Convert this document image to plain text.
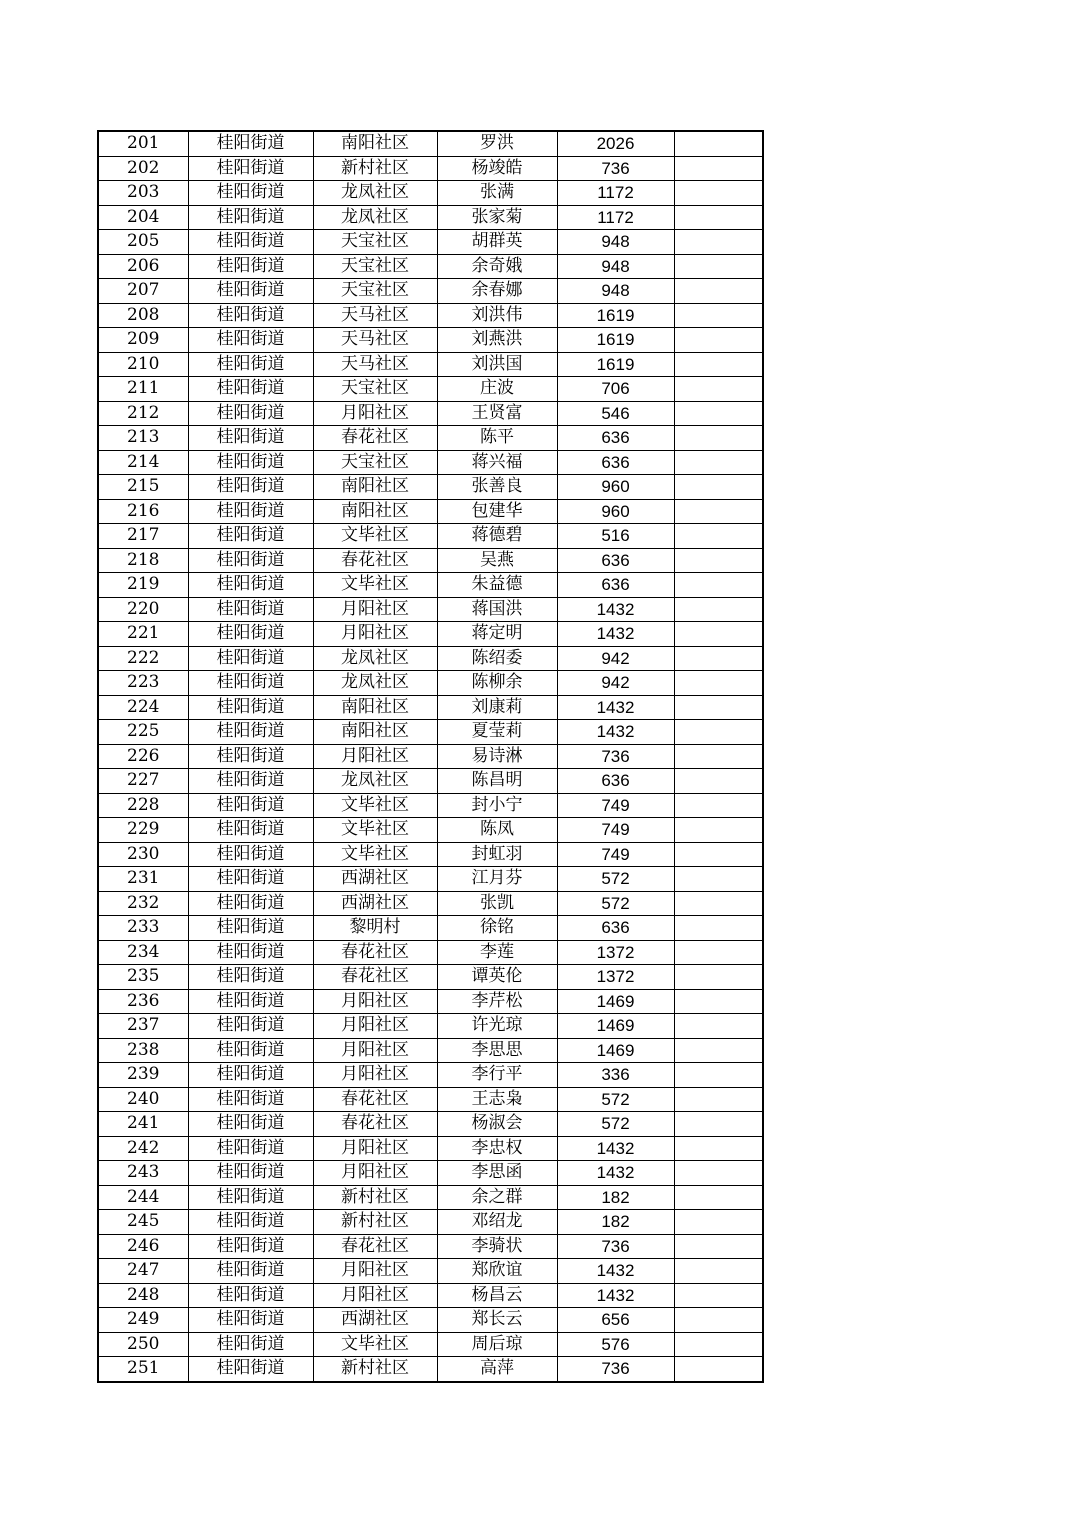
201	桂阳街道	南阳社区	罗洪	2026	
202	桂阳街道	新村社区	杨竣皓	736	
203	桂阳街道	龙凤社区	张满	1172	
204	桂阳街道	龙凤社区	张家菊	1172	
205	桂阳街道	天宝社区	胡群英	948	
206	桂阳街道	天宝社区	余奇娥	948	
207	桂阳街道	天宝社区	余春娜	948	
208	桂阳街道	天马社区	刘洪伟	1619	
209	桂阳街道	天马社区	刘燕洪	1619	
210	桂阳街道	天马社区	刘洪国	1619	
211	桂阳街道	天宝社区	庄波	706	
212	桂阳街道	月阳社区	王贤富	546	
213	桂阳街道	春花社区	陈平	636	
214	桂阳街道	天宝社区	蒋兴福	636	
215	桂阳街道	南阳社区	张善良	960	
216	桂阳街道	南阳社区	包建华	960	
217	桂阳街道	文毕社区	蒋德碧	516	
218	桂阳街道	春花社区	吴燕	636	
219	桂阳街道	文毕社区	朱益德	636	
220	桂阳街道	月阳社区	蒋国洪	1432	
221	桂阳街道	月阳社区	蒋定明	1432	
222	桂阳街道	龙凤社区	陈绍委	942	
223	桂阳街道	龙凤社区	陈柳余	942	
224	桂阳街道	南阳社区	刘康莉	1432	
225	桂阳街道	南阳社区	夏莹莉	1432	
226	桂阳街道	月阳社区	易诗淋	736	
227	桂阳街道	龙凤社区	陈昌明	636	
228	桂阳街道	文毕社区	封小宁	749	
229	桂阳街道	文毕社区	陈凤	749	
230	桂阳街道	文毕社区	封虹羽	749	
231	桂阳街道	西湖社区	江月芬	572	
232	桂阳街道	西湖社区	张凯	572	
233	桂阳街道	黎明村	徐铭	636	
234	桂阳街道	春花社区	李莲	1372	
235	桂阳街道	春花社区	谭英伦	1372	
236	桂阳街道	月阳社区	李芹松	1469	
237	桂阳街道	月阳社区	许光琼	1469	
238	桂阳街道	月阳社区	李思思	1469	
239	桂阳街道	月阳社区	李行平	336	
240	桂阳街道	春花社区	王志枭	572	
241	桂阳街道	春花社区	杨淑会	572	
242	桂阳街道	月阳社区	李忠权	1432	
243	桂阳街道	月阳社区	李思函	1432	
244	桂阳街道	新村社区	余之群	182	
245	桂阳街道	新村社区	邓绍龙	182	
246	桂阳街道	春花社区	李骑状	736	
247	桂阳街道	月阳社区	郑欣谊	1432	
248	桂阳街道	月阳社区	杨昌云	1432	
249	桂阳街道	西湖社区	郑长云	656	
250	桂阳街道	文毕社区	周后琼	576	
251	桂阳街道	新村社区	高萍	736	
